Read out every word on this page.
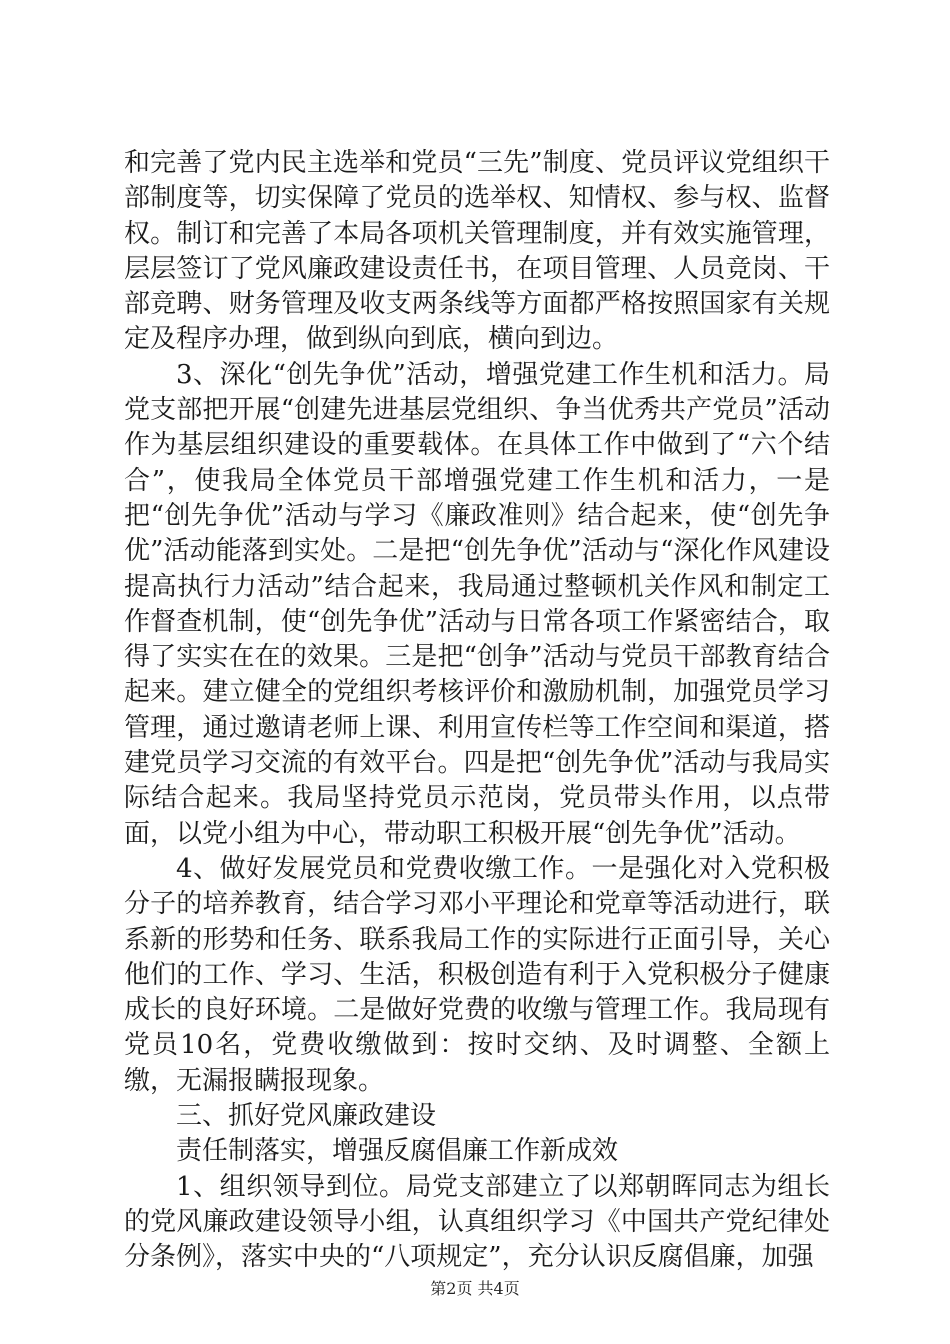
和完善了党内民主选举和党员“三先”制度、党员评议党组织干部制度等，切实保障了党员的选举权、知情权、参与权、监督权。制订和完善了本局各项机关管理制度，并有效实施管理，层层签订了党风廉政建设责任书，在项目管理、人员竞岗、干部竞聘、财务管理及收支两条线等方面都严格按照国家有关规定及程序办理，做到纵向到底，横向到边。

3、深化“创先争优”活动，增强党建工作生机和活力。局党支部把开展“创建先进基层党组织、争当优秀共产党员”活动作为基层组织建设的重要载体。在具体工作中做到了“六个结合”，使我局全体党员干部增强党建工作生机和活力，一是把“创先争优”活动与学习《廉政准则》结合起来，使“创先争优”活动能落到实处。二是把“创先争优”活动与“深化作风建设提高执行力活动”结合起来，我局通过整顿机关作风和制定工作督查机制，使“创先争优”活动与日常各项工作紧密结合，取得了实实在在的效果。三是把“创争”活动与党员干部教育结合起来。建立健全的党组织考核评价和激励机制，加强党员学习管理，通过邀请老师上课、利用宣传栏等工作空间和渠道，搭建党员学习交流的有效平台。四是把“创先争优”活动与我局实际结合起来。我局坚持党员示范岗，党员带头作用，以点带面，以党小组为中心，带动职工积极开展“创先争优”活动。

4、做好发展党员和党费收缴工作。一是强化对入党积极分子的培养教育，结合学习邓小平理论和党章等活动进行，联系新的形势和任务、联系我局工作的实际进行正面引导，关心他们的工作、学习、生活，积极创造有利于入党积极分子健康成长的良好环境。二是做好党费的收缴与管理工作。我局现有党员10名，党费收缴做到：按时交纳、及时调整、全额上缴，无漏报瞒报现象。

三、抓好党风廉政建设

责任制落实，增强反腐倡廉工作新成效

1、组织领导到位。局党支部建立了以郑朝晖同志为组长的党风廉政建设领导小组，认真组织学习《中国共产党纪律处分条例》，落实中央的“八项规定”，充分认识反腐倡廉，加强

第2页 共4页
